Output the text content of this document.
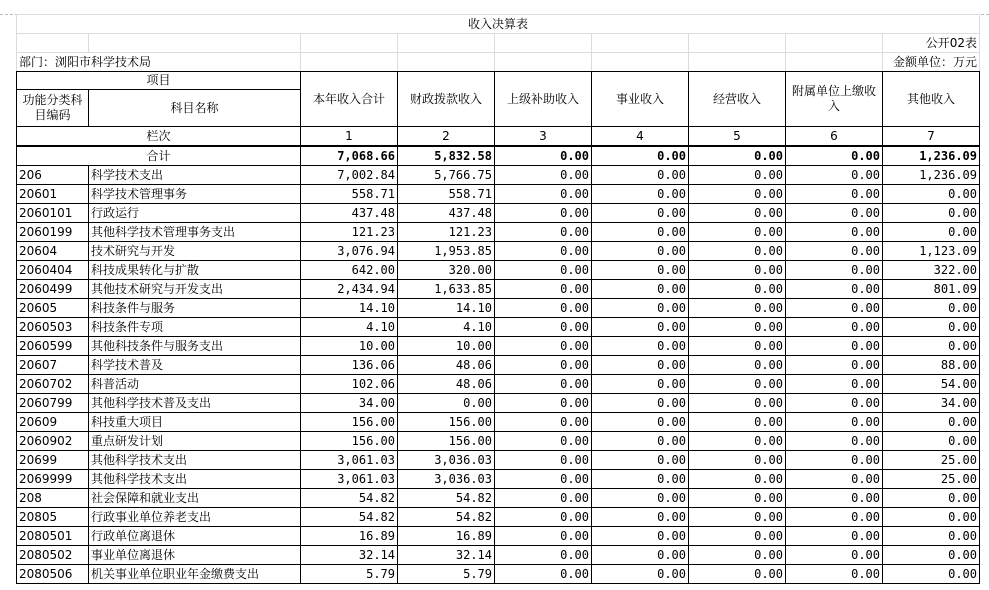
收入决算表								
								公开02表
部门：浏阳市科学技术局								金额单位：万元
项目		本年收入合计	财政拨款收入	上级补助收入	事业收入	经营收入	附属单位上缴收入	其他收入
功能分类科目编码	科目名称							
栏次		1	2	3	4	5	6	7
合计		7,068.66	5,832.58	0.00	0.00	0.00	0.00	1,236.09
206	科学技术支出	7,002.84	5,766.75	0.00	0.00	0.00	0.00	1,236.09
20601	科学技术管理事务	558.71	558.71	0.00	0.00	0.00	0.00	0.00
2060101	行政运行	437.48	437.48	0.00	0.00	0.00	0.00	0.00
2060199	其他科学技术管理事务支出	121.23	121.23	0.00	0.00	0.00	0.00	0.00
20604	技术研究与开发	3,076.94	1,953.85	0.00	0.00	0.00	0.00	1,123.09
2060404	科技成果转化与扩散	642.00	320.00	0.00	0.00	0.00	0.00	322.00
2060499	其他技术研究与开发支出	2,434.94	1,633.85	0.00	0.00	0.00	0.00	801.09
20605	科技条件与服务	14.10	14.10	0.00	0.00	0.00	0.00	0.00
2060503	科技条件专项	4.10	4.10	0.00	0.00	0.00	0.00	0.00
2060599	其他科技条件与服务支出	10.00	10.00	0.00	0.00	0.00	0.00	0.00
20607	科学技术普及	136.06	48.06	0.00	0.00	0.00	0.00	88.00
2060702	科普活动	102.06	48.06	0.00	0.00	0.00	0.00	54.00
2060799	其他科学技术普及支出	34.00	0.00	0.00	0.00	0.00	0.00	34.00
20609	科技重大项目	156.00	156.00	0.00	0.00	0.00	0.00	0.00
2060902	重点研发计划	156.00	156.00	0.00	0.00	0.00	0.00	0.00
20699	其他科学技术支出	3,061.03	3,036.03	0.00	0.00	0.00	0.00	25.00
2069999	其他科学技术支出	3,061.03	3,036.03	0.00	0.00	0.00	0.00	25.00
208	社会保障和就业支出	54.82	54.82	0.00	0.00	0.00	0.00	0.00
20805	行政事业单位养老支出	54.82	54.82	0.00	0.00	0.00	0.00	0.00
2080501	行政单位离退休	16.89	16.89	0.00	0.00	0.00	0.00	0.00
2080502	事业单位离退休	32.14	32.14	0.00	0.00	0.00	0.00	0.00
2080506	机关事业单位职业年金缴费支出	5.79	5.79	0.00	0.00	0.00	0.00	0.00
